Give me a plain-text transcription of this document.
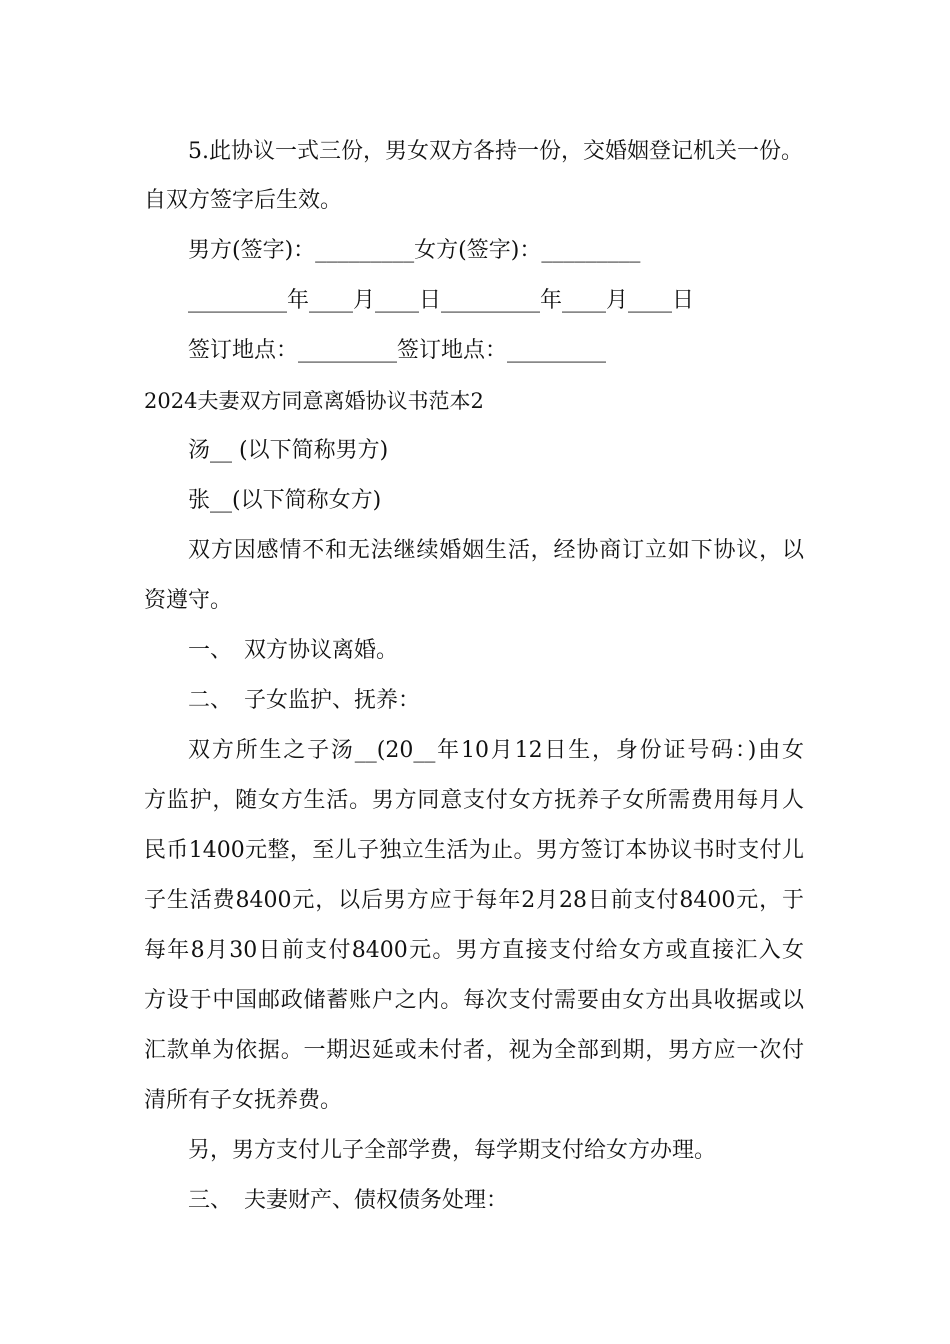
5.此协议一式三份，男女双方各持一份，交婚姻登记机关一份。
自双方签字后生效。
男方(签字)：_________女方(签字)：_________
_________年____月____日_________年____月____日
签订地点：_________签订地点：_________
2024夫妻双方同意离婚协议书范本2
汤__ (以下简称男方)
张__(以下简称女方)
双方因感情不和无法继续婚姻生活，经协商订立如下协议，以
资遵守。
一、 双方协议离婚。
二、 子女监护、抚养：
双方所生之子汤__(20__年10月12日生，身份证号码：)由女
方监护，随女方生活。男方同意支付女方抚养子女所需费用每月人
民币1400元整，至儿子独立生活为止。男方签订本协议书时支付儿
子生活费8400元，以后男方应于每年2月28日前支付8400元，于
每年8月30日前支付8400元。男方直接支付给女方或直接汇入女
方设于中国邮政储蓄账户之内。每次支付需要由女方出具收据或以
汇款单为依据。一期迟延或未付者，视为全部到期，男方应一次付
清所有子女抚养费。
另，男方支付儿子全部学费，每学期支付给女方办理。
三、 夫妻财产、债权债务处理：
